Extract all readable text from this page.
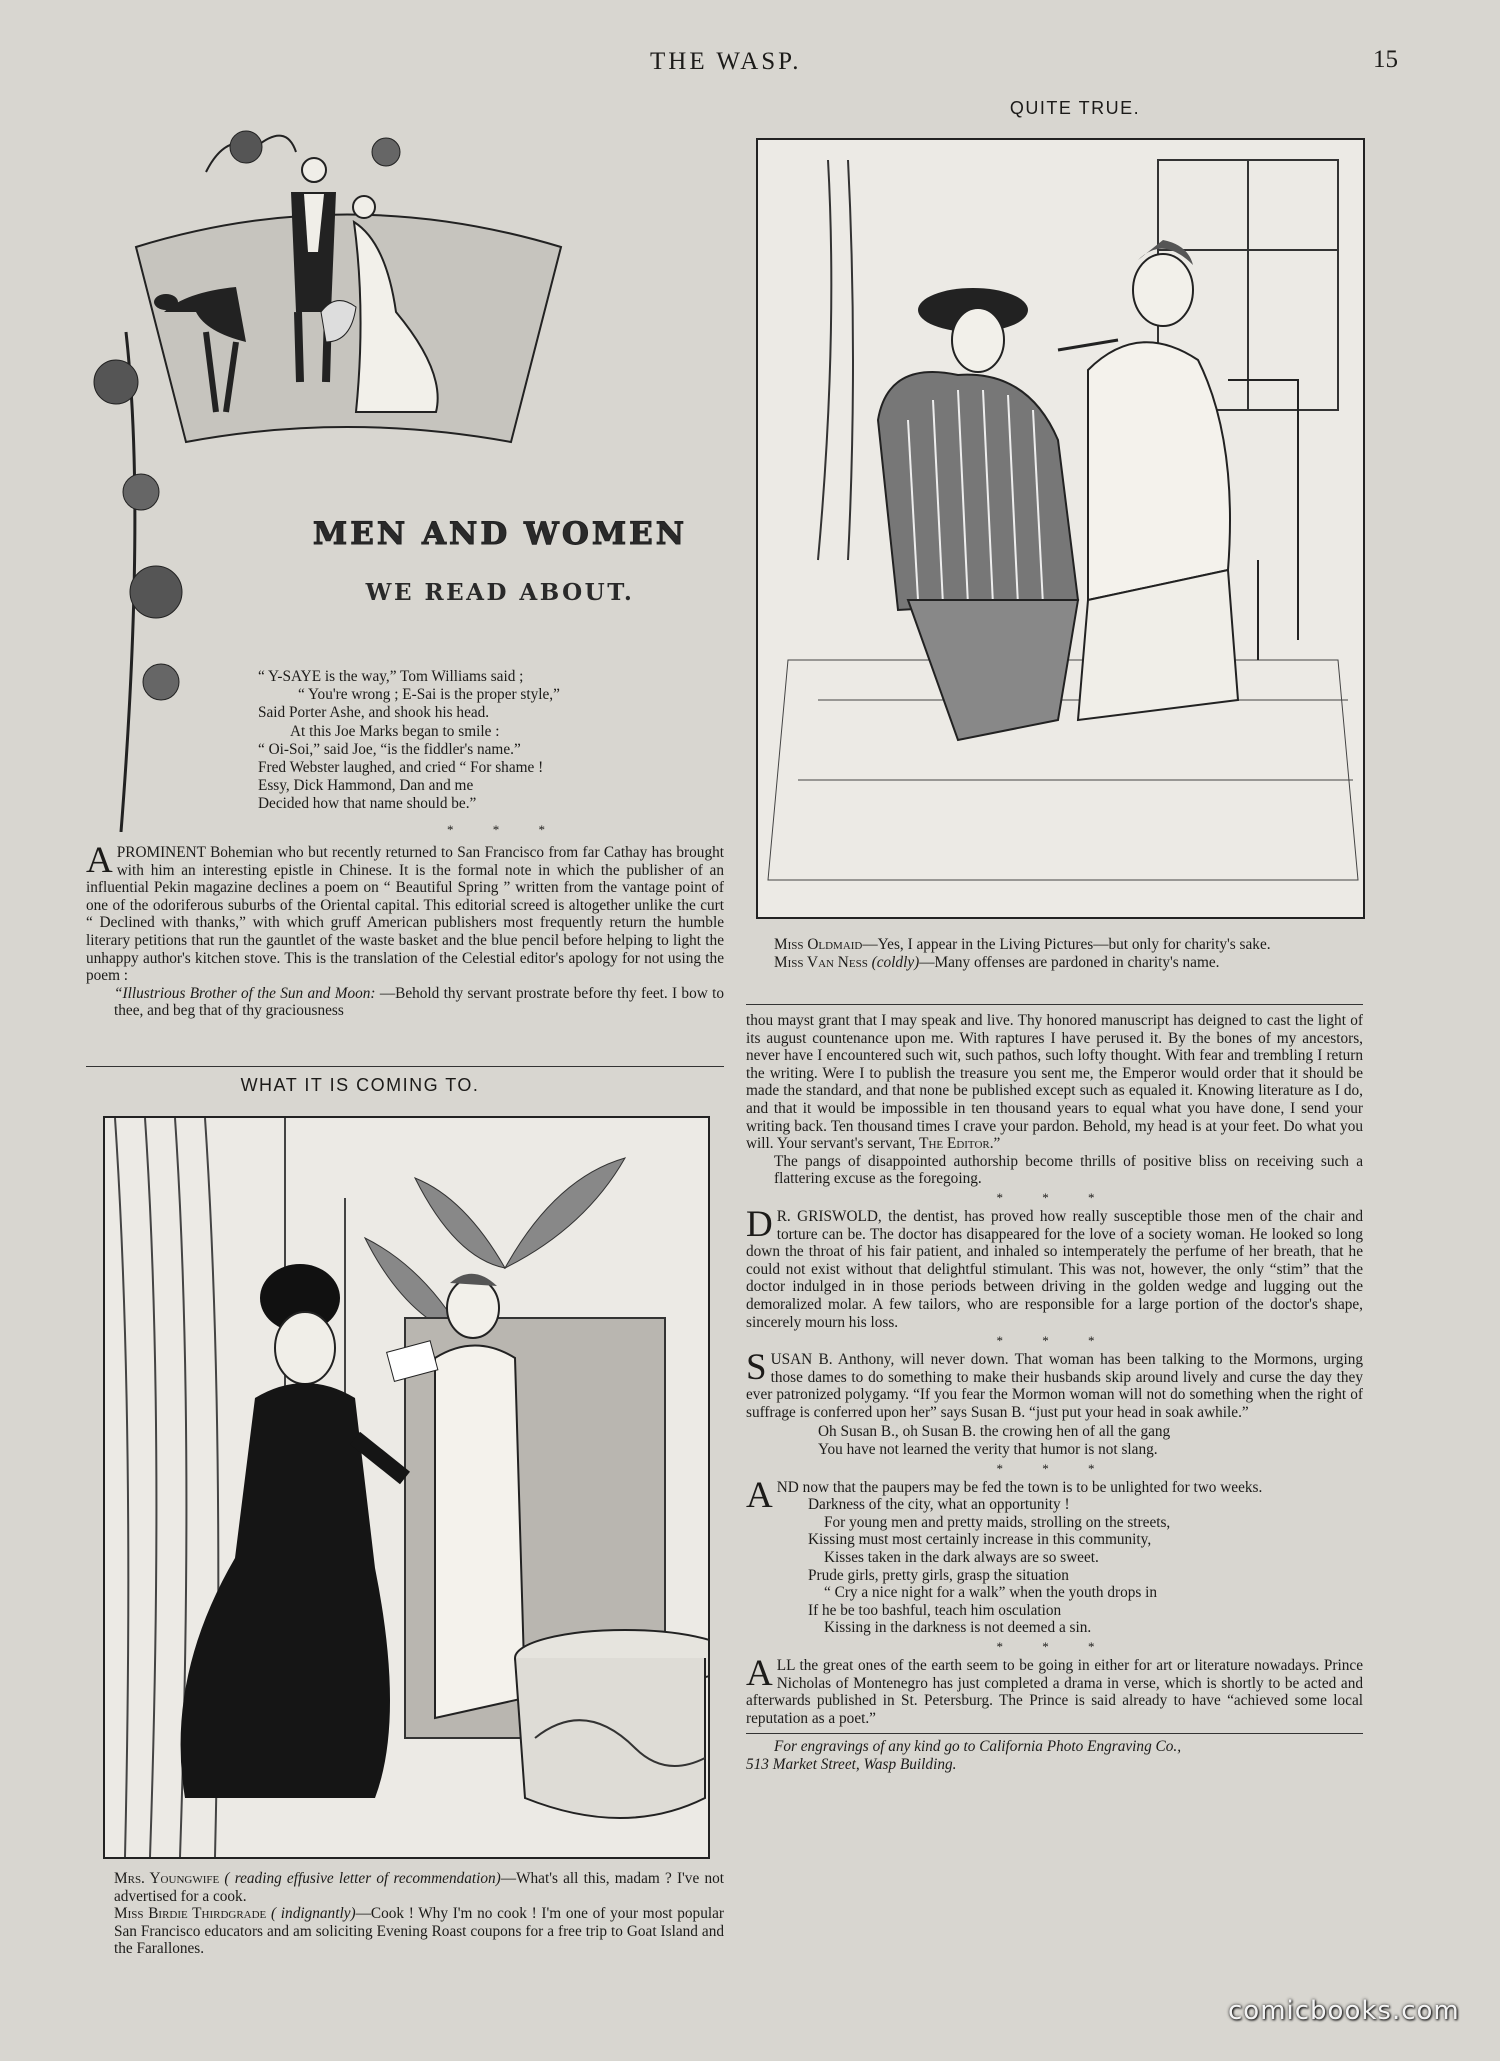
THE WASP.	15
QUITE TRUE.

Miss Oldmaid—Yes, I appear in the Living Pictures—but only for charity's sake.

Miss Van Ness (coldly)—Many offenses are pardoned in charity's name.

MEN AND WOMEN
WE READ ABOUT.
“ Y-SAYE is the way,” Tom Williams said ;
“ You're wrong ; E-Sai is the proper style,”
Said Porter Ashe, and shook his head.
At this Joe Marks began to smile :
“ Oi-Soi,” said Joe, “is the fiddler's name.”
Fred Webster laughed, and cried “ For shame !
Essy, Dick Hammond, Dan and me
Decided how that name should be.”
* * *

APROMINENT Bohemian who but recently returned to San Francisco from far Cathay has brought with him an interesting epistle in Chinese. It is the formal note in which the publisher of an influential Pekin magazine declines a poem on “ Beautiful Spring ” written from the vantage point of one of the odoriferous suburbs of the Oriental capital. This editorial screed is altogether unlike the curt “ Declined with thanks,” with which gruff American publishers most frequently return the humble literary petitions that run the gauntlet of the waste basket and the blue pencil before helping to light the unhappy author's kitchen stove. This is the translation of the Celestial editor's apology for not using the poem :

“Illustrious Brother of the Sun and Moon: —Behold thy servant prostrate before thy feet. I bow to thee, and beg that of thy graciousness

WHAT IT IS COMING TO.

Mrs. Youngwife ( reading effusive letter of recommendation)—What's all this, madam ? I've not advertised for a cook.

Miss Birdie Thirdgrade ( indignantly)—Cook ! Why I'm no cook ! I'm one of your most popular San Francisco educators and am soliciting Evening Roast coupons for a free trip to Goat Island and the Farallones.

thou mayst grant that I may speak and live. Thy honored manuscript has deigned to cast the light of its august countenance upon me. With raptures I have perused it. By the bones of my ancestors, never have I encountered such wit, such pathos, such lofty thought. With fear and trembling I return the writing. Were I to publish the treasure you sent me, the Emperor would order that it should be made the standard, and that none be published except such as equaled it. Knowing literature as I do, and that it would be impossible in ten thousand years to equal what you have done, I send your writing back. Ten thousand times I crave your pardon. Behold, my head is at your feet. Do what you will. Your servant's servant, The Editor.”

The pangs of disappointed authorship become thrills of positive bliss on receiving such a flattering excuse as the foregoing.

* * *

D R. GRISWOLD, the dentist, has proved how really susceptible those men of the chair and torture can be. The doctor has disappeared for the love of a society woman. He looked so long down the throat of his fair patient, and inhaled so intemperately the perfume of her breath, that he could not exist without that delightful stimulant. This was not, however, the only “stim” that the doctor indulged in in those periods between driving in the golden wedge and lugging out the demoralized molar. A few tailors, who are responsible for a large portion of the doctor's shape, sincerely mourn his loss.

* * *

SUSAN B. Anthony, will never down. That woman has been talking to the Mormons, urging those dames to do something to make their husbands skip around lively and curse the day they ever patronized polygamy. “If you fear the Mormon woman will not do something when the right of suffrage is conferred upon her” says Susan B. “just put your head in soak awhile.”

Oh Susan B., oh Susan B. the crowing hen of all the gang
You have not learned the verity that humor is not slang.
* * *

AND now that the paupers may be fed the town is to be unlighted for two weeks.

Darkness of the city, what an opportunity !
For young men and pretty maids, strolling on the streets,
Kissing must most certainly increase in this community,
Kisses taken in the dark always are so sweet.
Prude girls, pretty girls, grasp the situation
“ Cry a nice night for a walk” when the youth drops in
If he be too bashful, teach him osculation
Kissing in the darkness is not deemed a sin.
* * *

ALL the great ones of the earth seem to be going in either for art or literature nowadays. Prince Nicholas of Montenegro has just completed a drama in verse, which is shortly to be acted and afterwards published in St. Petersburg. The Prince is said already to have “achieved some local reputation as a poet.”

For engravings of any kind go to California Photo Engraving Co.,
513 Market Street, Wasp Building.
comicbooks.com
